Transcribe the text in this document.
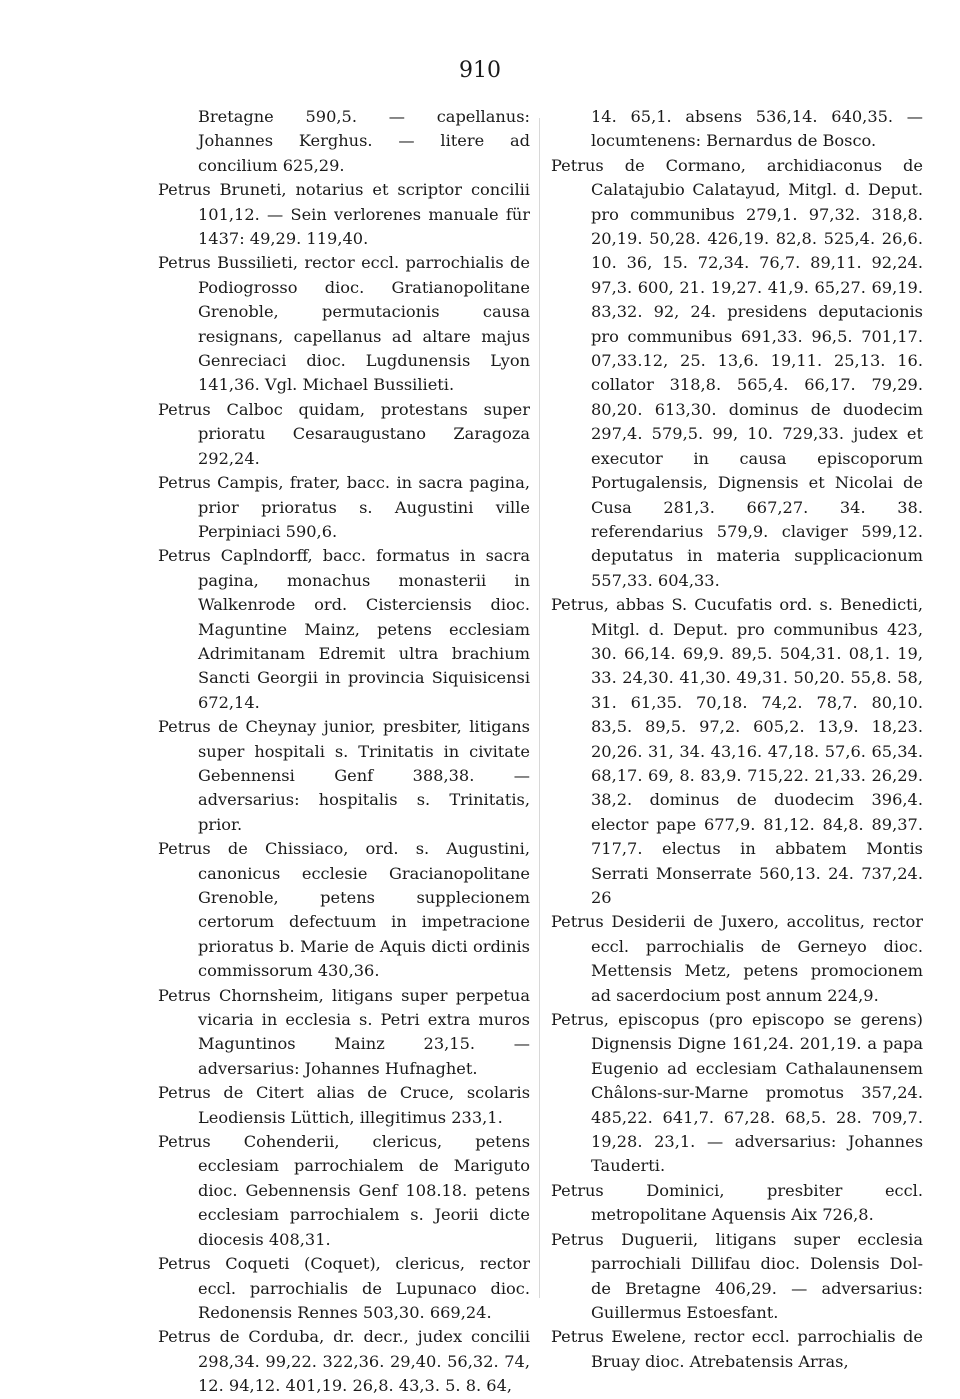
910

Bretagne 590,5. — capellanus: Johannes Kerghus. — litere ad concilium 625,29.

Petrus Bruneti, notarius et scriptor concilii 101,12. — Sein verlorenes manuale für 1437: 49,29. 119,40.

Petrus Bussilieti, rector eccl. parrochialis de Podiogrosso dioc. Gratianopolitane Grenoble, permutacionis causa resignans, capellanus ad altare majus Genreciaci dioc. Lugdunensis Lyon 141,36. Vgl. Michael Bussilieti.

Petrus Calboc quidam, protestans super prioratu Cesaraugustano Zaragoza 292,24.

Petrus Campis, frater, bacc. in sacra pagina, prior prioratus s. Augustini ville Perpiniaci 590,6.

Petrus Caplndorff, bacc. formatus in sacra pagina, monachus monasterii in Walkenrode ord. Cisterciensis dioc. Maguntine Mainz, petens ecclesiam Adrimitanam Edremit ultra brachium Sancti Georgii in provincia Siquisicensi 672,14.

Petrus de Cheynay junior, presbiter, litigans super hospitali s. Trinitatis in civitate Gebennensi Genf 388,38. — adversarius: hospitalis s. Trinitatis, prior.

Petrus de Chissiaco, ord. s. Augustini, canonicus ecclesie Gracianopolitane Grenoble, petens supplecionem certorum defectuum in impetracione prioratus b. Marie de Aquis dicti ordinis commissorum 430,36.

Petrus Chornsheim, litigans super perpetua vicaria in ecclesia s. Petri extra muros Maguntinos Mainz 23,15. — adversarius: Johannes Hufnaghet.

Petrus de Citert alias de Cruce, scolaris Leodiensis Lüttich, illegitimus 233,1.

Petrus Cohenderii, clericus, petens ecclesiam parrochialem de Mariguto dioc. Gebennensis Genf 108.18. petens ecclesiam parrochialem s. Jeorii dicte diocesis 408,31.

Petrus Coqueti (Coquet), clericus, rector eccl. parrochialis de Lupunaco dioc. Redonensis Rennes 503,30. 669,24.

Petrus de Corduba, dr. decr., judex concilii 298,34. 99,22. 322,36. 29,40. 56,32. 74, 12. 94,12. 401,19. 26,8. 43,3. 5. 8. 64,

14. 65,1. absens 536,14. 640,35. — locumtenens: Bernardus de Bosco.

Petrus de Cormano, archidiaconus de Calatajubio Calatayud, Mitgl. d. Deput. pro communibus 279,1. 97,32. 318,8. 20,19. 50,28. 426,19. 82,8. 525,4. 26,6. 10. 36, 15. 72,34. 76,7. 89,11. 92,24. 97,3. 600, 21. 19,27. 41,9. 65,27. 69,19. 83,32. 92, 24. presidens deputacionis pro communibus 691,33. 96,5. 701,17. 07,33.12, 25. 13,6. 19,11. 25,13. 16. collator 318,8. 565,4. 66,17. 79,29. 80,20. 613,30. dominus de duodecim 297,4. 579,5. 99, 10. 729,33. judex et executor in causa episcoporum Portugalensis, Dignensis et Nicolai de Cusa 281,3. 667,27. 34. 38. referendarius 579,9. claviger 599,12. deputatus in materia supplicacionum 557,33. 604,33.

Petrus, abbas S. Cucufatis ord. s. Benedicti, Mitgl. d. Deput. pro communibus 423, 30. 66,14. 69,9. 89,5. 504,31. 08,1. 19, 33. 24,30. 41,30. 49,31. 50,20. 55,8. 58, 31. 61,35. 70,18. 74,2. 78,7. 80,10. 83,5. 89,5. 97,2. 605,2. 13,9. 18,23. 20,26. 31, 34. 43,16. 47,18. 57,6. 65,34. 68,17. 69, 8. 83,9. 715,22. 21,33. 26,29. 38,2. dominus de duodecim 396,4. elector pape 677,9. 81,12. 84,8. 89,37. 717,7. electus in abbatem Montis Serrati Monserrate 560,13. 24. 737,24. 26

Petrus Desiderii de Juxero, accolitus, rector eccl. parrochialis de Gerneyo dioc. Mettensis Metz, petens promocionem ad sacerdocium post annum 224,9.

Petrus, episcopus (pro episcopo se gerens) Dignensis Digne 161,24. 201,19. a papa Eugenio ad ecclesiam Cathalaunensem Châlons-sur-Marne promotus 357,24. 485,22. 641,7. 67,28. 68,5. 28. 709,7. 19,28. 23,1. — adversarius: Johannes Tauderti.

Petrus Dominici, presbiter eccl. metropolitane Aquensis Aix 726,8.

Petrus Duguerii, litigans super ecclesia parrochiali Dillifau dioc. Dolensis Dol-de Bretagne 406,29. — adversarius: Guillermus Estoesfant.

Petrus Ewelene, rector eccl. parrochialis de Bruay dioc. Atrebatensis Arras,
